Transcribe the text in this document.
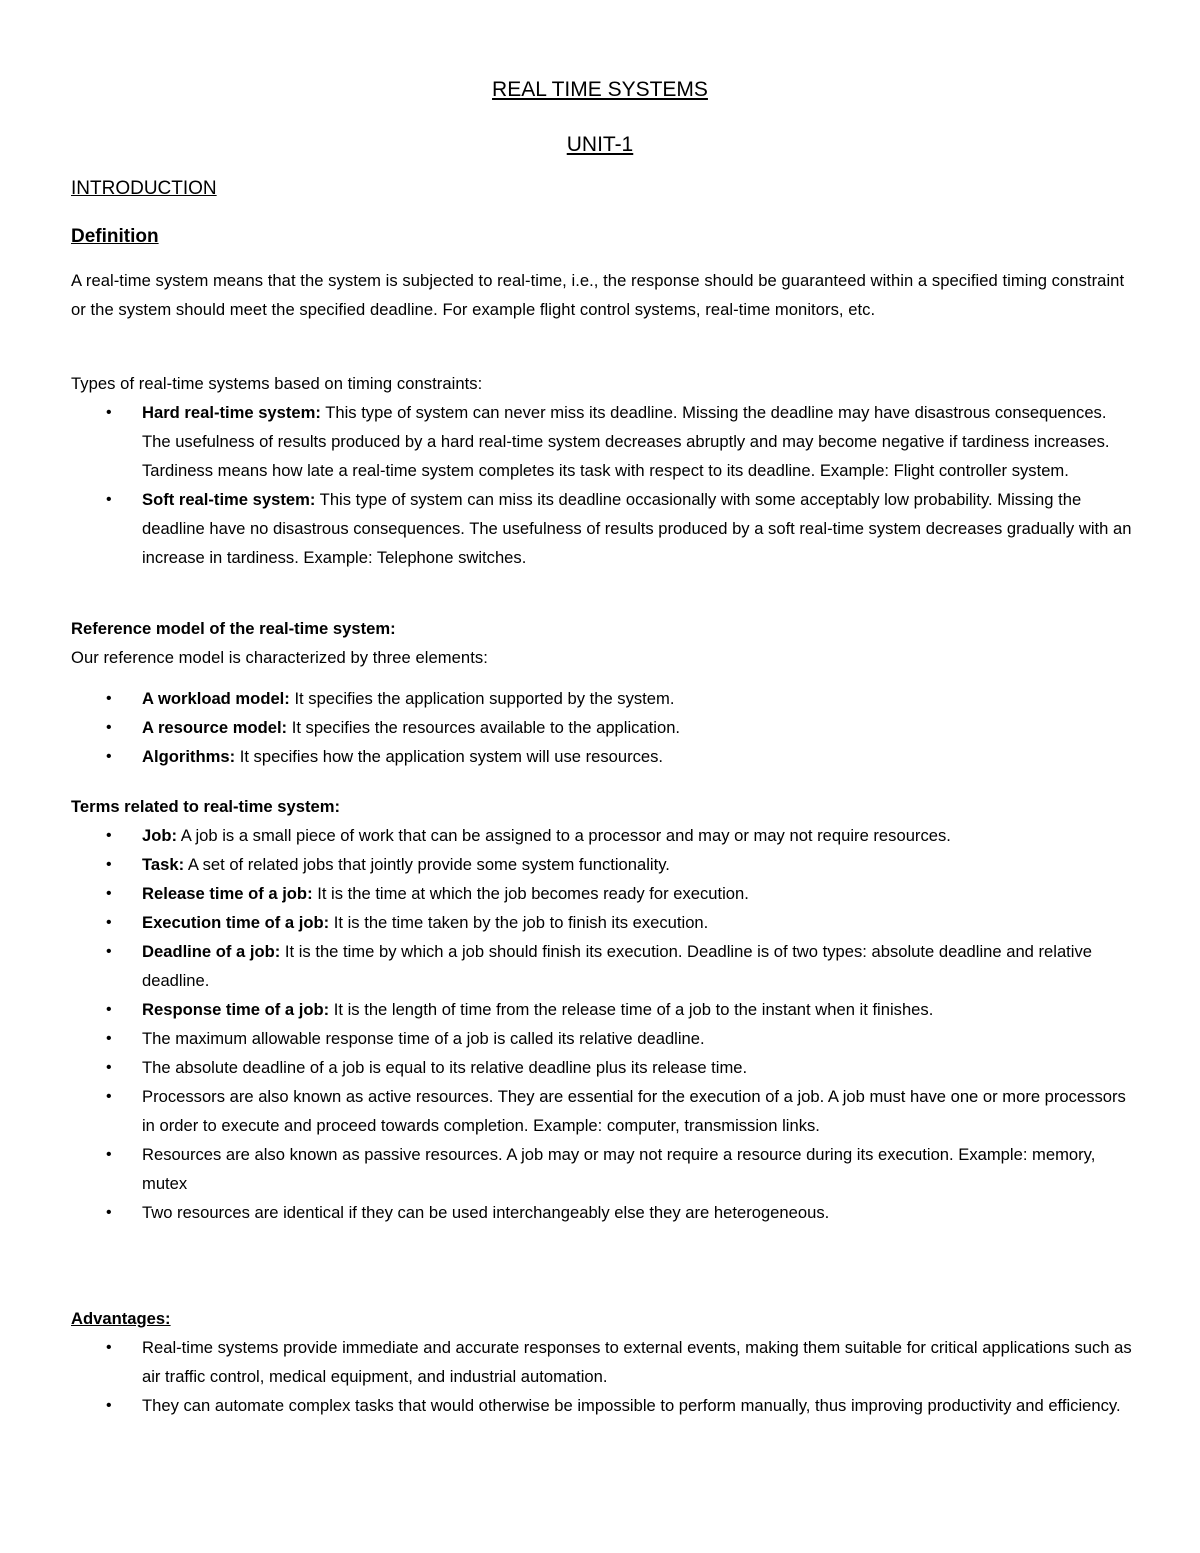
REAL TIME SYSTEMS
UNIT-1
INTRODUCTION
Definition

A real-time system means that the system is subjected to real-time, i.e., the response should be guaranteed within a specified timing constraint or the system should meet the specified deadline. For example flight control systems, real-time monitors, etc.

Types of real-time systems based on timing constraints:

• Hard real-time system: This type of system can never miss its deadline. Missing the deadline may have disastrous consequences. The usefulness of results produced by a hard real-time system decreases abruptly and may become negative if tardiness increases. Tardiness means how late a real-time system completes its task with respect to its deadline. Example: Flight controller system.
• Soft real-time system: This type of system can miss its deadline occasionally with some acceptably low probability. Missing the deadline have no disastrous consequences. The usefulness of results produced by a soft real-time system decreases gradually with an increase in tardiness. Example: Telephone switches.

Reference model of the real-time system:

Our reference model is characterized by three elements:

• A workload model: It specifies the application supported by the system.
• A resource model: It specifies the resources available to the application.
• Algorithms: It specifies how the application system will use resources.

Terms related to real-time system:

• Job: A job is a small piece of work that can be assigned to a processor and may or may not require resources.
• Task: A set of related jobs that jointly provide some system functionality.
• Release time of a job: It is the time at which the job becomes ready for execution.
• Execution time of a job: It is the time taken by the job to finish its execution.
• Deadline of a job: It is the time by which a job should finish its execution. Deadline is of two types: absolute deadline and relative deadline.
• Response time of a job: It is the length of time from the release time of a job to the instant when it finishes.
• The maximum allowable response time of a job is called its relative deadline.
• The absolute deadline of a job is equal to its relative deadline plus its release time.
• Processors are also known as active resources. They are essential for the execution of a job. A job must have one or more processors in order to execute and proceed towards completion. Example: computer, transmission links.
• Resources are also known as passive resources. A job may or may not require a resource during its execution. Example: memory, mutex
• Two resources are identical if they can be used interchangeably else they are heterogeneous.

Advantages:

• Real-time systems provide immediate and accurate responses to external events, making them suitable for critical applications such as air traffic control, medical equipment, and industrial automation.
• They can automate complex tasks that would otherwise be impossible to perform manually, thus improving productivity and efficiency.
